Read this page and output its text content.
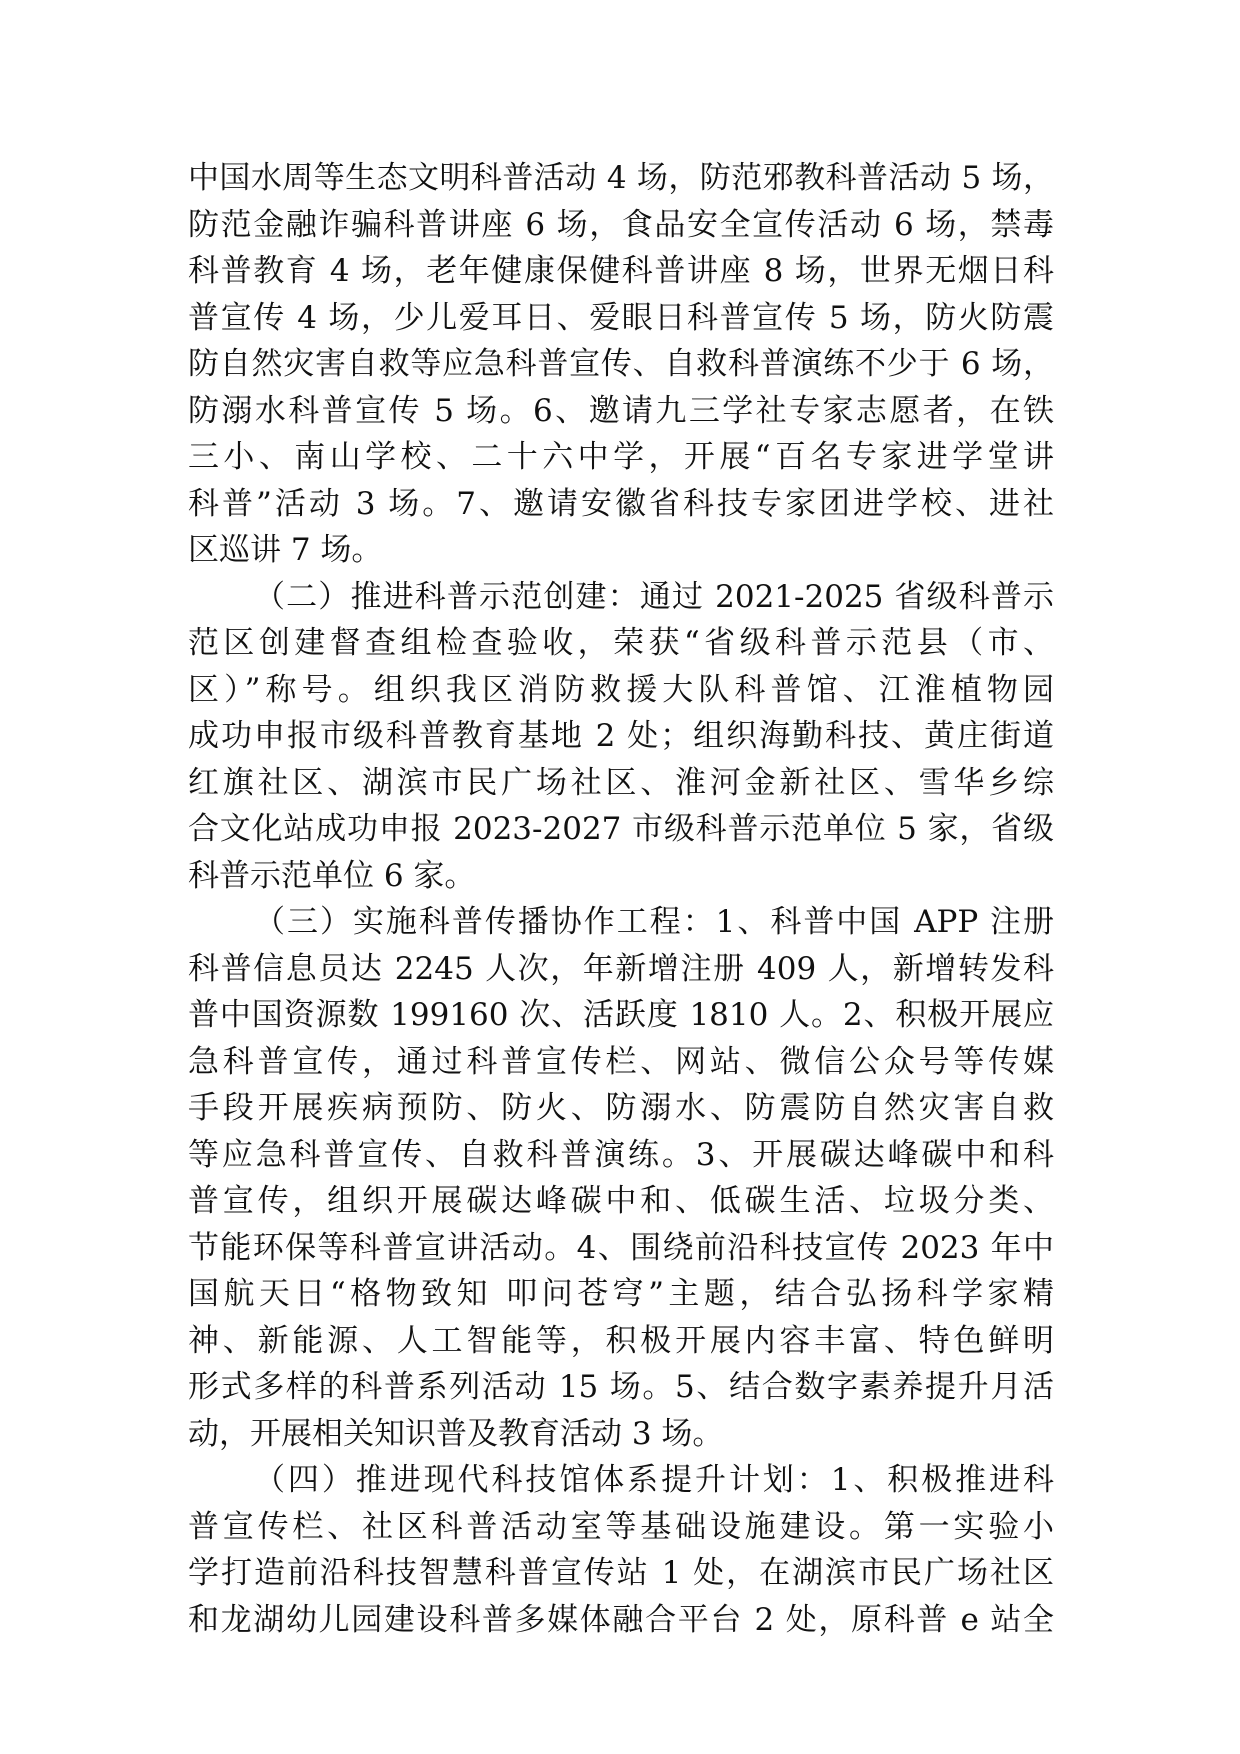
中国水周等生态文明科普活动 4 场，防范邪教科普活动 5 场，
防范金融诈骗科普讲座 6 场，食品安全宣传活动 6 场，禁毒
科普教育 4 场，老年健康保健科普讲座 8 场，世界无烟日科
普宣传 4 场，少儿爱耳日、爱眼日科普宣传 5 场，防火防震
防自然灾害自救等应急科普宣传、自救科普演练不少于 6 场，
防溺水科普宣传 5 场。6、邀请九三学社专家志愿者，在铁
三小、南山学校、二十六中学，开展“百名专家进学堂讲
科普”活动 3 场。7、邀请安徽省科技专家团进学校、进社
区巡讲 7 场。
（二）推进科普示范创建：通过 2021-2025 省级科普示
范区创建督查组检查验收，荣获“省级科普示范县（市、
区）”称号。组织我区消防救援大队科普馆、江淮植物园
成功申报市级科普教育基地 2 处；组织海勤科技、黄庄街道
红旗社区、湖滨市民广场社区、淮河金新社区、雪华乡综
合文化站成功申报 2023-2027 市级科普示范单位 5 家，省级
科普示范单位 6 家。
（三）实施科普传播协作工程：1、科普中国 APP 注册
科普信息员达 2245 人次，年新增注册 409 人，新增转发科
普中国资源数 199160 次、活跃度 1810 人。2、积极开展应
急科普宣传，通过科普宣传栏、网站、微信公众号等传媒
手段开展疾病预防、防火、防溺水、防震防自然灾害自救
等应急科普宣传、自救科普演练。3、开展碳达峰碳中和科
普宣传，组织开展碳达峰碳中和、低碳生活、垃圾分类、
节能环保等科普宣讲活动。4、围绕前沿科技宣传 2023 年中
国航天日“格物致知 叩问苍穹”主题，结合弘扬科学家精
神、新能源、人工智能等，积极开展内容丰富、特色鲜明
形式多样的科普系列活动 15 场。5、结合数字素养提升月活
动，开展相关知识普及教育活动 3 场。
（四）推进现代科技馆体系提升计划：1、积极推进科
普宣传栏、社区科普活动室等基础设施建设。第一实验小
学打造前沿科技智慧科普宣传站 1 处，在湖滨市民广场社区
和龙湖幼儿园建设科普多媒体融合平台 2 处，原科普 e 站全
